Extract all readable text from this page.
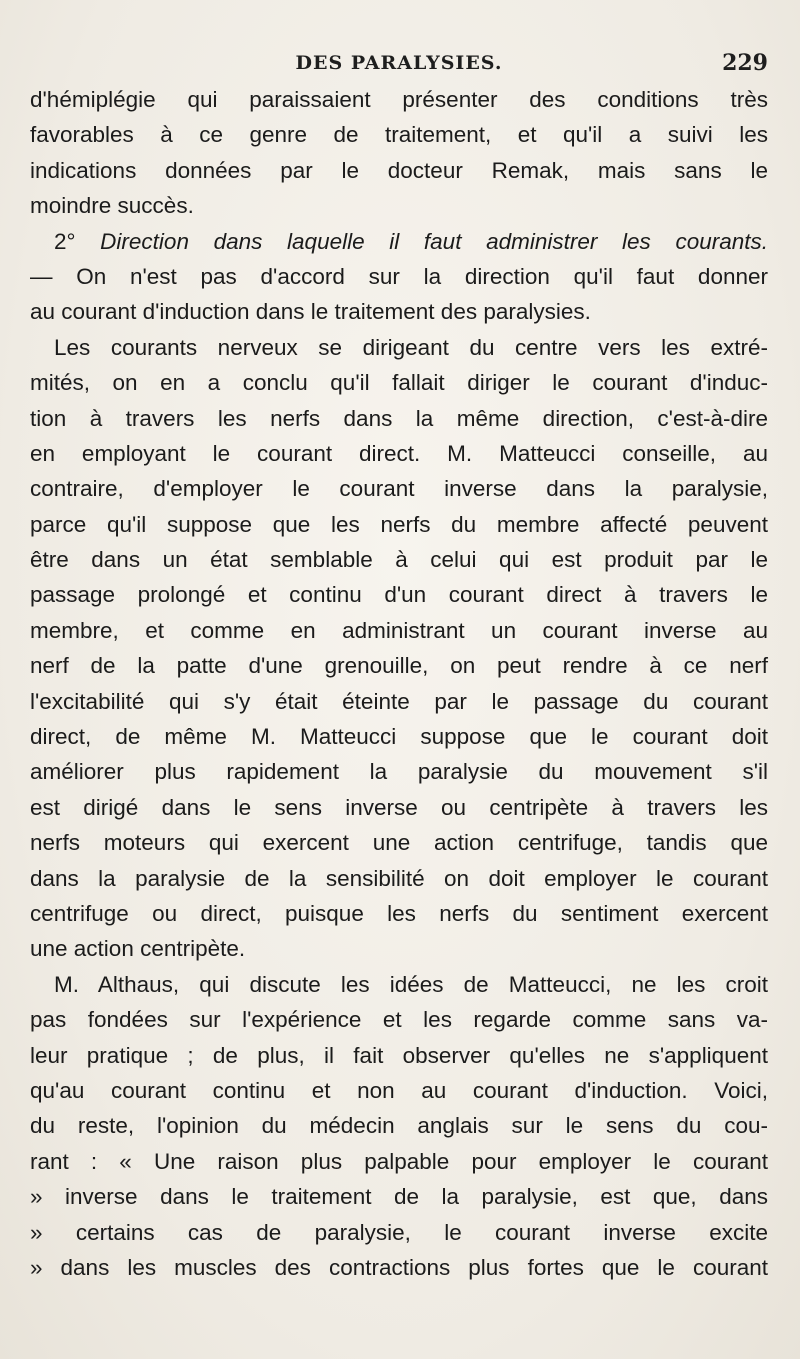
DES PARALYSIES.	229
d'hémiplégie qui paraissaient présenter des conditions très
favorables à ce genre de traitement, et qu'il a suivi les
indications données par le docteur Remak, mais sans le
moindre succès.
2° Direction dans laquelle il faut administrer les courants.
— On n'est pas d'accord sur la direction qu'il faut donner
au courant d'induction dans le traitement des paralysies.
Les courants nerveux se dirigeant du centre vers les extré-
mités, on en a conclu qu'il fallait diriger le courant d'induc-
tion à travers les nerfs dans la même direction, c'est-à-dire
en employant le courant direct. M. Matteucci conseille, au
contraire, d'employer le courant inverse dans la paralysie,
parce qu'il suppose que les nerfs du membre affecté peuvent
être dans un état semblable à celui qui est produit par le
passage prolongé et continu d'un courant direct à travers le
membre, et comme en administrant un courant inverse au
nerf de la patte d'une grenouille, on peut rendre à ce nerf
l'excitabilité qui s'y était éteinte par le passage du courant
direct, de même M. Matteucci suppose que le courant doit
améliorer plus rapidement la paralysie du mouvement s'il
est dirigé dans le sens inverse ou centripète à travers les
nerfs moteurs qui exercent une action centrifuge, tandis que
dans la paralysie de la sensibilité on doit employer le courant
centrifuge ou direct, puisque les nerfs du sentiment exercent
une action centripète.
M. Althaus, qui discute les idées de Matteucci, ne les croit
pas fondées sur l'expérience et les regarde comme sans va-
leur pratique ; de plus, il fait observer qu'elles ne s'appliquent
qu'au courant continu et non au courant d'induction. Voici,
du reste, l'opinion du médecin anglais sur le sens du cou-
rant : « Une raison plus palpable pour employer le courant
» inverse dans le traitement de la paralysie, est que, dans
» certains cas de paralysie, le courant inverse excite
» dans les muscles des contractions plus fortes que le courant
